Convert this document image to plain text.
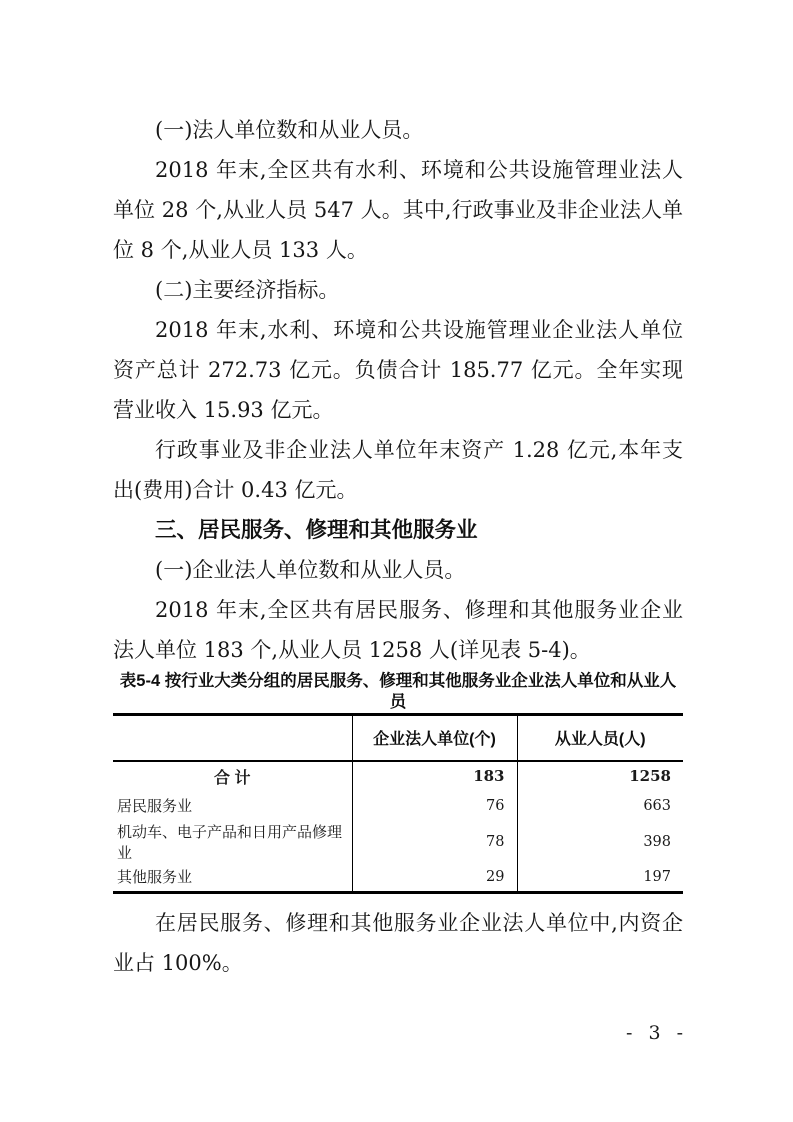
(一)法人单位数和从业人员。

2018 年末,全区共有水利、环境和公共设施管理业法人单位 28 个,从业人员 547 人。其中,行政事业及非企业法人单位 8 个,从业人员 133 人。

(二)主要经济指标。

2018 年末,水利、环境和公共设施管理业企业法人单位资产总计 272.73 亿元。负债合计 185.77 亿元。全年实现营业收入 15.93 亿元。

行政事业及非企业法人单位年末资产 1.28 亿元,本年支出(费用)合计 0.43 亿元。

三、居民服务、修理和其他服务业

(一)企业法人单位数和从业人员。

2018 年末,全区共有居民服务、修理和其他服务业企业法人单位 183 个,从业人员 1258 人(详见表 5-4)。

表5-4 按行业大类分组的居民服务、修理和其他服务业企业法人单位和从业人员
	企业法人单位(个)	从业人员(人)
合 计	183	1258
居民服务业	76	663
机动车、电子产品和日用产品修理业	78	398
其他服务业	29	197

在居民服务、修理和其他服务业企业法人单位中,内资企业占 100%。

- 3 -
